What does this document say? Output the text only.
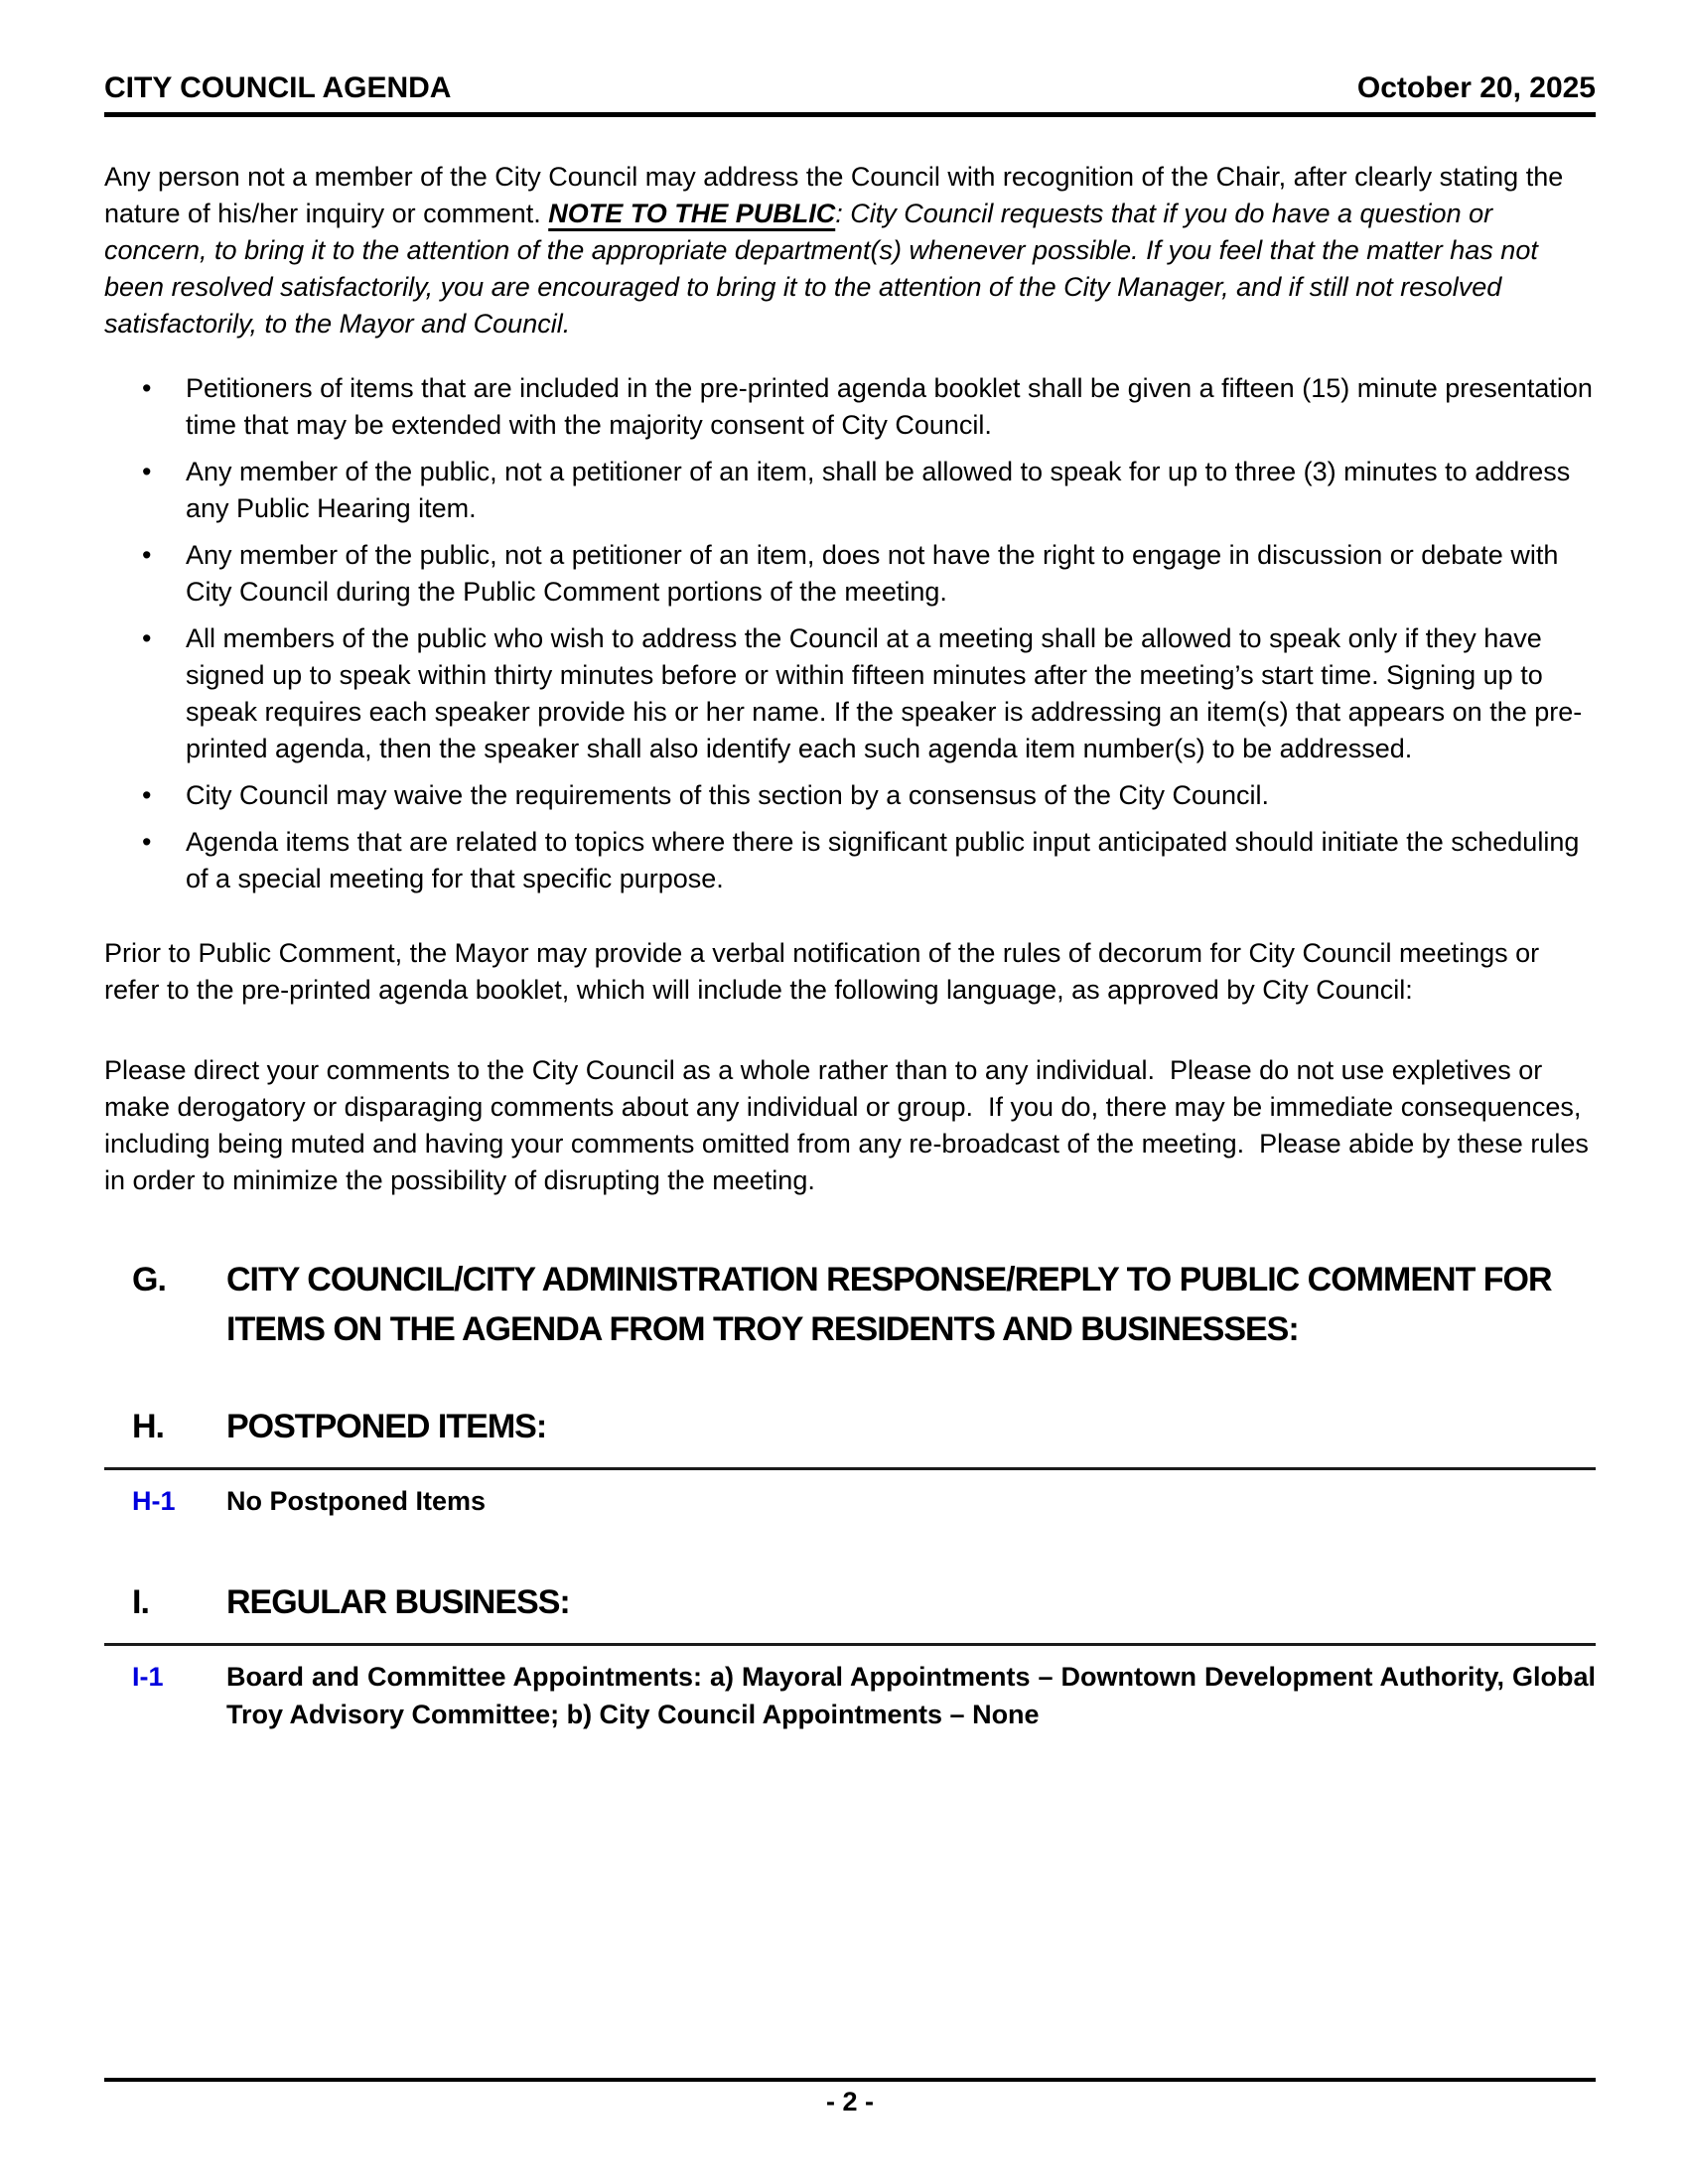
CITY COUNCIL AGENDA	October 20, 2025

Any person not a member of the City Council may address the Council with recognition of the Chair, after clearly stating the nature of his/her inquiry or comment. NOTE TO THE PUBLIC: City Council requests that if you do have a question or concern, to bring it to the attention of the appropriate department(s) whenever possible. If you feel that the matter has not been resolved satisfactorily, you are encouraged to bring it to the attention of the City Manager, and if still not resolved satisfactorily, to the Mayor and Council.

•	Petitioners of items that are included in the pre-printed agenda booklet shall be given a fifteen (15) minute presentation time that may be extended with the majority consent of City Council.
•	Any member of the public, not a petitioner of an item, shall be allowed to speak for up to three (3) minutes to address any Public Hearing item.
•	Any member of the public, not a petitioner of an item, does not have the right to engage in discussion or debate with City Council during the Public Comment portions of the meeting.
•	All members of the public who wish to address the Council at a meeting shall be allowed to speak only if they have signed up to speak within thirty minutes before or within fifteen minutes after the meeting’s start time. Signing up to speak requires each speaker provide his or her name. If the speaker is addressing an item(s) that appears on the pre-printed agenda, then the speaker shall also identify each such agenda item number(s) to be addressed.
•	City Council may waive the requirements of this section by a consensus of the City Council.
•	Agenda items that are related to topics where there is significant public input anticipated should initiate the scheduling of a special meeting for that specific purpose.

Prior to Public Comment, the Mayor may provide a verbal notification of the rules of decorum for City Council meetings or refer to the pre-printed agenda booklet, which will include the following language, as approved by City Council:

Please direct your comments to the City Council as a whole rather than to any individual.  Please do not use expletives or make derogatory or disparaging comments about any individual or group.  If you do, there may be immediate consequences, including being muted and having your comments omitted from any re-broadcast of the meeting.  Please abide by these rules in order to minimize the possibility of disrupting the meeting.

G.	CITY COUNCIL/CITY ADMINISTRATION RESPONSE/REPLY TO PUBLIC COMMENT FOR ITEMS ON THE AGENDA FROM TROY RESIDENTS AND BUSINESSES:
H.	POSTPONED ITEMS:
H-1	No Postponed Items
I.	REGULAR BUSINESS:
I-1	Board and Committee Appointments: a) Mayoral Appointments – Downtown Development Authority, Global Troy Advisory Committee; b) City Council Appointments – None
- 2 -
